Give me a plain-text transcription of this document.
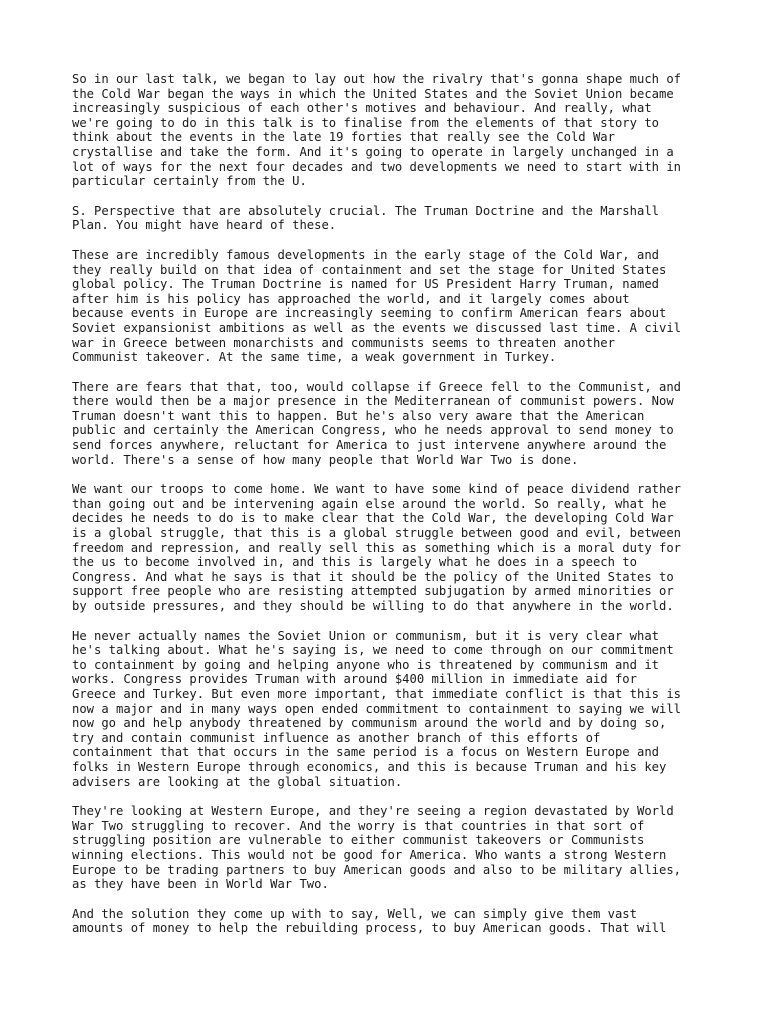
So in our last talk, we began to lay out how the rivalry that's gonna shape much of
the Cold War began the ways in which the United States and the Soviet Union became
increasingly suspicious of each other's motives and behaviour. And really, what
we're going to do in this talk is to finalise from the elements of that story to
think about the events in the late 19 forties that really see the Cold War
crystallise and take the form. And it's going to operate in largely unchanged in a
lot of ways for the next four decades and two developments we need to start with in
particular certainly from the U.

S. Perspective that are absolutely crucial. The Truman Doctrine and the Marshall
Plan. You might have heard of these.

These are incredibly famous developments in the early stage of the Cold War, and
they really build on that idea of containment and set the stage for United States
global policy. The Truman Doctrine is named for US President Harry Truman, named
after him is his policy has approached the world, and it largely comes about
because events in Europe are increasingly seeming to confirm American fears about
Soviet expansionist ambitions as well as the events we discussed last time. A civil
war in Greece between monarchists and communists seems to threaten another
Communist takeover. At the same time, a weak government in Turkey.

There are fears that that, too, would collapse if Greece fell to the Communist, and
there would then be a major presence in the Mediterranean of communist powers. Now
Truman doesn't want this to happen. But he's also very aware that the American
public and certainly the American Congress, who he needs approval to send money to
send forces anywhere, reluctant for America to just intervene anywhere around the
world. There's a sense of how many people that World War Two is done.

We want our troops to come home. We want to have some kind of peace dividend rather
than going out and be intervening again else around the world. So really, what he
decides he needs to do is to make clear that the Cold War, the developing Cold War
is a global struggle, that this is a global struggle between good and evil, between
freedom and repression, and really sell this as something which is a moral duty for
the us to become involved in, and this is largely what he does in a speech to
Congress. And what he says is that it should be the policy of the United States to
support free people who are resisting attempted subjugation by armed minorities or
by outside pressures, and they should be willing to do that anywhere in the world.

He never actually names the Soviet Union or communism, but it is very clear what
he's talking about. What he's saying is, we need to come through on our commitment
to containment by going and helping anyone who is threatened by communism and it
works. Congress provides Truman with around $400 million in immediate aid for
Greece and Turkey. But even more important, that immediate conflict is that this is
now a major and in many ways open ended commitment to containment to saying we will
now go and help anybody threatened by communism around the world and by doing so,
try and contain communist influence as another branch of this efforts of
containment that that occurs in the same period is a focus on Western Europe and
folks in Western Europe through economics, and this is because Truman and his key
advisers are looking at the global situation.

They're looking at Western Europe, and they're seeing a region devastated by World
War Two struggling to recover. And the worry is that countries in that sort of
struggling position are vulnerable to either communist takeovers or Communists
winning elections. This would not be good for America. Who wants a strong Western
Europe to be trading partners to buy American goods and also to be military allies,
as they have been in World War Two.

And the solution they come up with to say, Well, we can simply give them vast
amounts of money to help the rebuilding process, to buy American goods. That will
